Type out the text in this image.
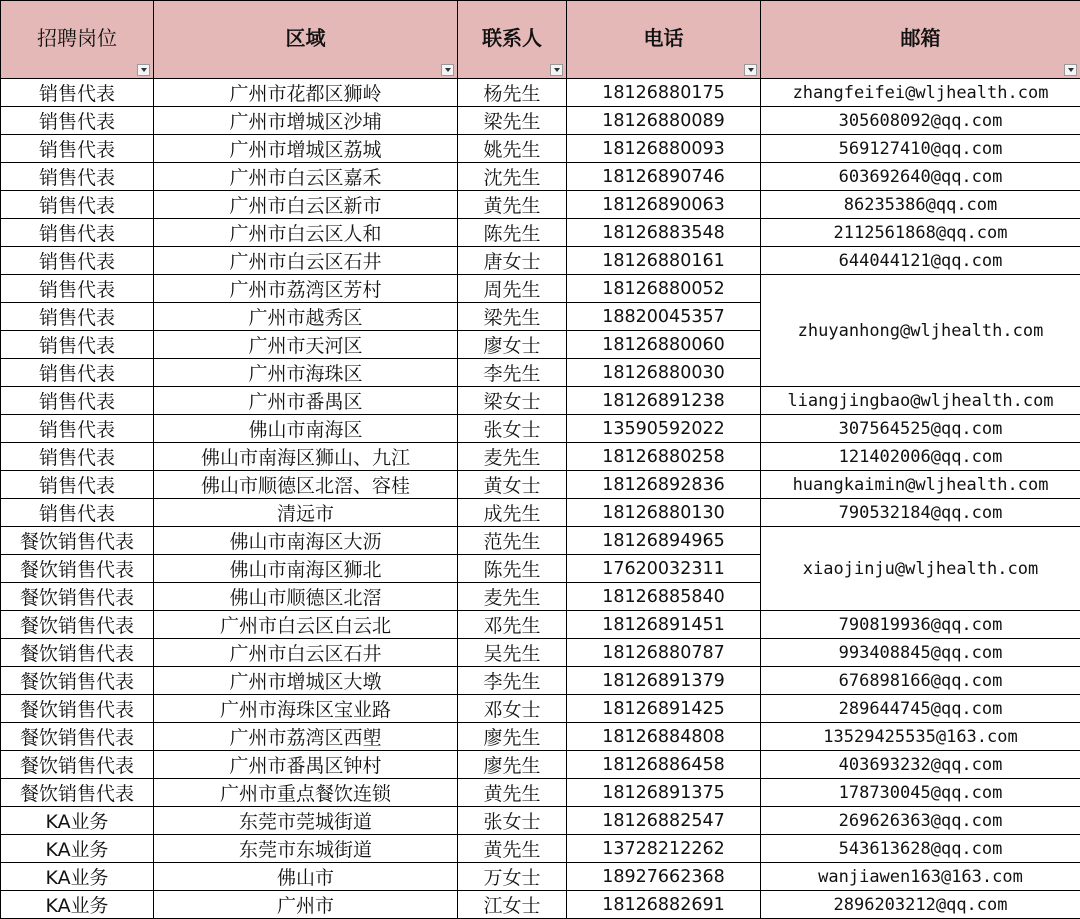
招聘岗位	区域	联系人	电话	邮箱

销售代表	广州市花都区狮岭	杨先生	18126880175	zhangfeifei@wljhealth.com
销售代表	广州市增城区沙埔	梁先生	18126880089	305608092@qq.com
销售代表	广州市增城区荔城	姚先生	18126880093	569127410@qq.com
销售代表	广州市白云区嘉禾	沈先生	18126890746	603692640@qq.com
销售代表	广州市白云区新市	黄先生	18126890063	86235386@qq.com
销售代表	广州市白云区人和	陈先生	18126883548	2112561868@qq.com
销售代表	广州市白云区石井	唐女士	18126880161	644044121@qq.com
销售代表	广州市荔湾区芳村	周先生	18126880052	zhuyanhong@wljhealth.com
销售代表	广州市越秀区	梁先生	18820045357	
销售代表	广州市天河区	廖女士	18126880060	
销售代表	广州市海珠区	李先生	18126880030	
销售代表	广州市番禺区	梁女士	18126891238	liangjingbao@wljhealth.com
销售代表	佛山市南海区	张女士	13590592022	307564525@qq.com
销售代表	佛山市南海区狮山、九江	麦先生	18126880258	121402006@qq.com
销售代表	佛山市顺德区北滘、容桂	黄女士	18126892836	huangkaimin@wljhealth.com
销售代表	清远市	成先生	18126880130	790532184@qq.com
餐饮销售代表	佛山市南海区大沥	范先生	18126894965	xiaojinju@wljhealth.com
餐饮销售代表	佛山市南海区狮北	陈先生	17620032311	
餐饮销售代表	佛山市顺德区北滘	麦先生	18126885840	
餐饮销售代表	广州市白云区白云北	邓先生	18126891451	790819936@qq.com
餐饮销售代表	广州市白云区石井	吴先生	18126880787	993408845@qq.com
餐饮销售代表	广州市增城区大墩	李先生	18126891379	676898166@qq.com
餐饮销售代表	广州市海珠区宝业路	邓女士	18126891425	289644745@qq.com
餐饮销售代表	广州市荔湾区西塱	廖先生	18126884808	13529425535@163.com
餐饮销售代表	广州市番禺区钟村	廖先生	18126886458	403693232@qq.com
餐饮销售代表	广州市重点餐饮连锁	黄先生	18126891375	178730045@qq.com
KA业务	东莞市莞城街道	张女士	18126882547	269626363@qq.com
KA业务	东莞市东城街道	黄先生	13728212262	543613628@qq.com
KA业务	佛山市	万女士	18927662368	wanjiawen163@163.com
KA业务	广州市	江女士	18126882691	2896203212@qq.com
